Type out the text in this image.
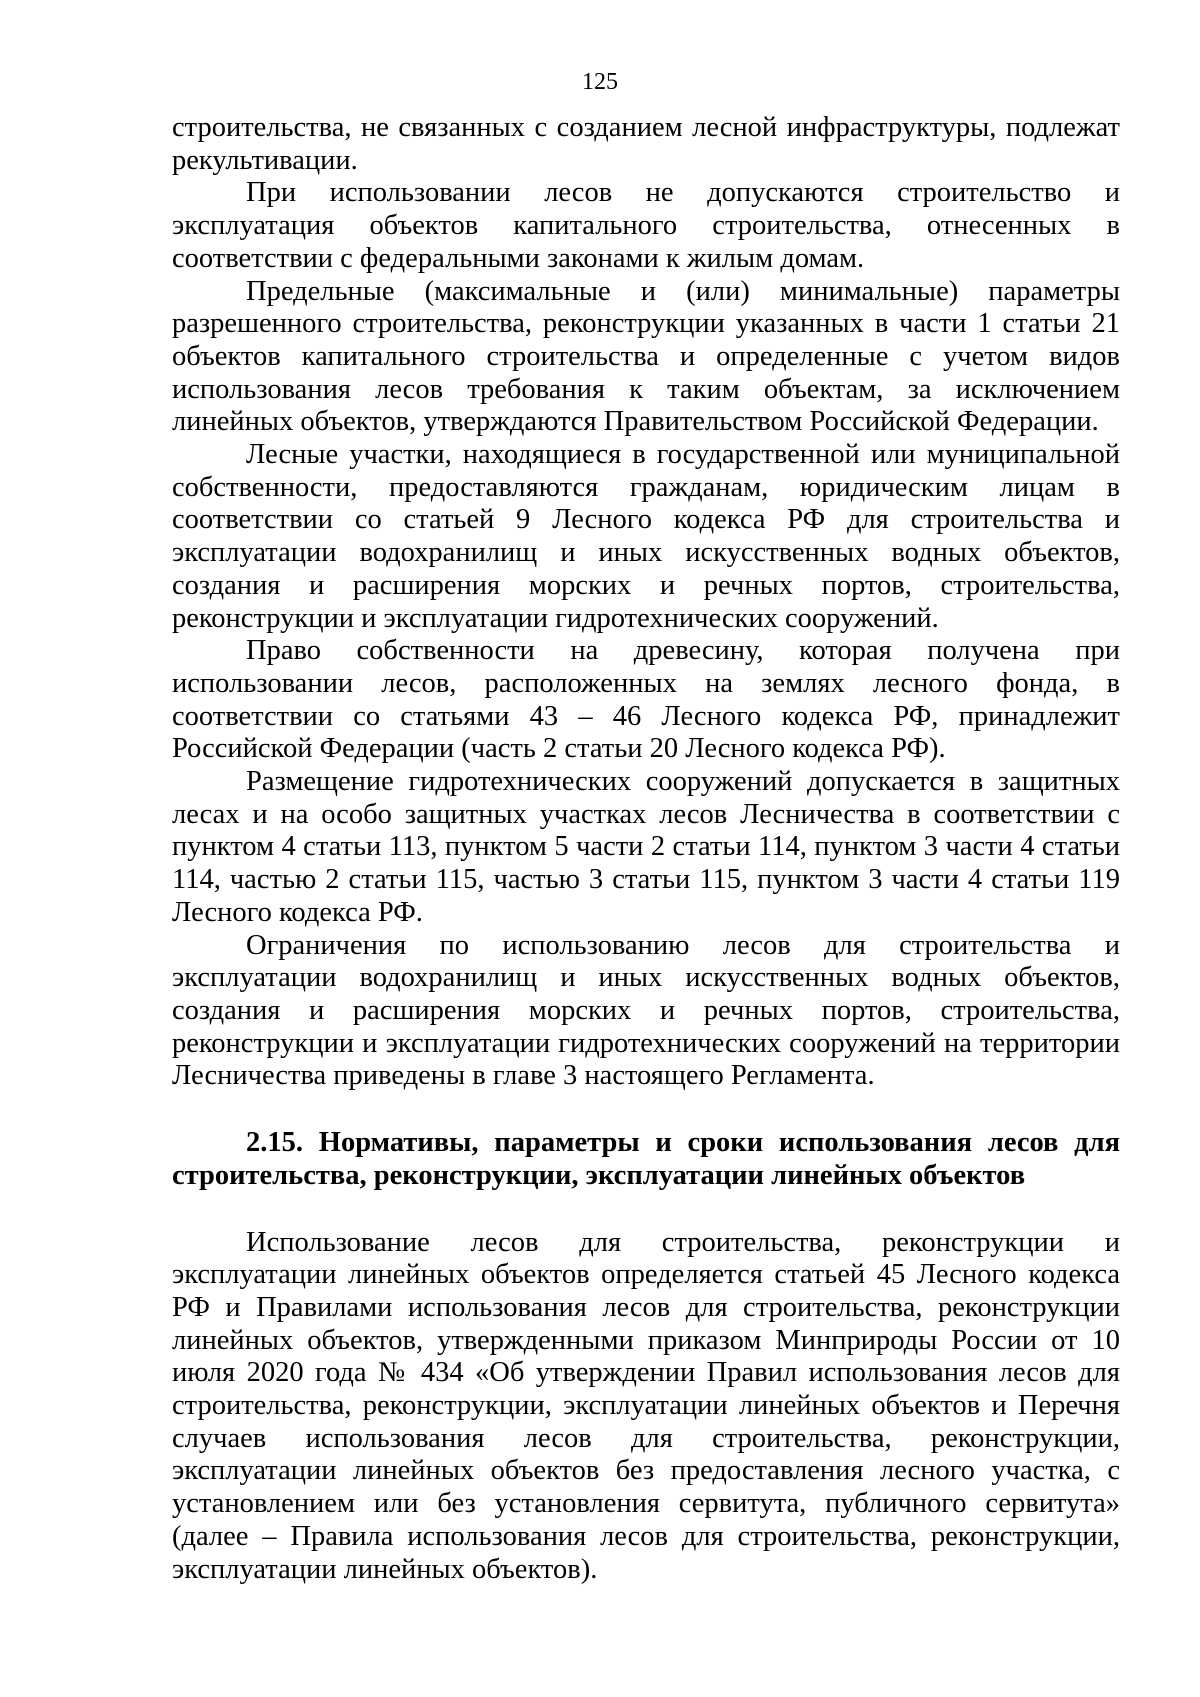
125

строительства, не связанных с созданием лесной инфраструктуры, подлежат рекультивации.

При использовании лесов не допускаются строительство и эксплуатация объектов капитального строительства, отнесенных в соответствии с федеральными законами к жилым домам.

Предельные (максимальные и (или) минимальные) параметры разрешенного строительства, реконструкции указанных в части 1 статьи 21 объектов капитального строительства и определенные с учетом видов использования лесов требования к таким объектам, за исключением линейных объектов, утверждаются Правительством Российской Федерации.

Лесные участки, находящиеся в государственной или муниципальной собственности, предоставляются гражданам, юридическим лицам в соответствии со статьей 9 Лесного кодекса РФ для строительства и эксплуатации водохранилищ и иных искусственных водных объектов, создания и расширения морских и речных портов, строительства, реконструкции и эксплуатации гидротехнических сооружений.

Право собственности на древесину, которая получена при использовании лесов, расположенных на землях лесного фонда, в соответствии со статьями 43 – 46 Лесного кодекса РФ, принадлежит Российской Федерации (часть 2 статьи 20 Лесного кодекса РФ).

Размещение гидротехнических сооружений допускается в защитных лесах и на особо защитных участках лесов Лесничества в соответствии с пунктом 4 статьи 113, пунктом 5 части 2 статьи 114, пунктом 3 части 4 статьи 114, частью 2 статьи 115, частью 3 статьи 115, пунктом 3 части 4 статьи 119 Лесного кодекса РФ.

Ограничения по использованию лесов для строительства и эксплуатации водохранилищ и иных искусственных водных объектов, создания и расширения морских и речных портов, строительства, реконструкции и эксплуатации гидротехнических сооружений на территории Лесничества приведены в главе 3 настоящего Регламента.

2.15. Нормативы, параметры и сроки использования лесов для строительства, реконструкции, эксплуатации линейных объектов

Использование лесов для строительства, реконструкции и эксплуатации линейных объектов определяется статьей 45 Лесного кодекса РФ и Правилами использования лесов для строительства, реконструкции линейных объектов, утвержденными приказом Минприроды России от 10 июля 2020 года № 434 «Об утверждении Правил использования лесов для строительства, реконструкции, эксплуатации линейных объектов и Перечня случаев использования лесов для строительства, реконструкции, эксплуатации линейных объектов без предоставления лесного участка, с установлением или без установления сервитута, публичного сервитута» (далее – Правила использования лесов для строительства, реконструкции, эксплуатации линейных объектов).
